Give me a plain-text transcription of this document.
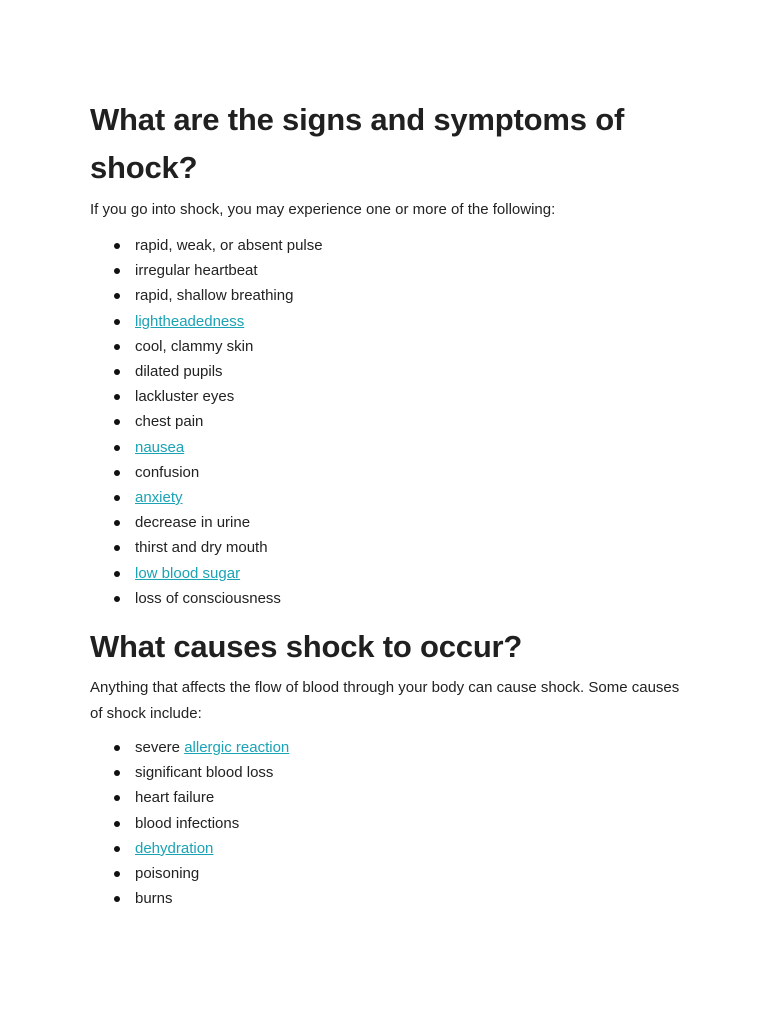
What are the signs and symptoms of shock?

If you go into shock, you may experience one or more of the following:

rapid, weak, or absent pulse
irregular heartbeat
rapid, shallow breathing
lightheadedness
cool, clammy skin
dilated pupils
lackluster eyes
chest pain
nausea
confusion
anxiety
decrease in urine
thirst and dry mouth
low blood sugar
loss of consciousness
What causes shock to occur?

Anything that affects the flow of blood through your body can cause shock. Some causes of shock include:

severe allergic reaction
significant blood loss
heart failure
blood infections
dehydration
poisoning
burns
